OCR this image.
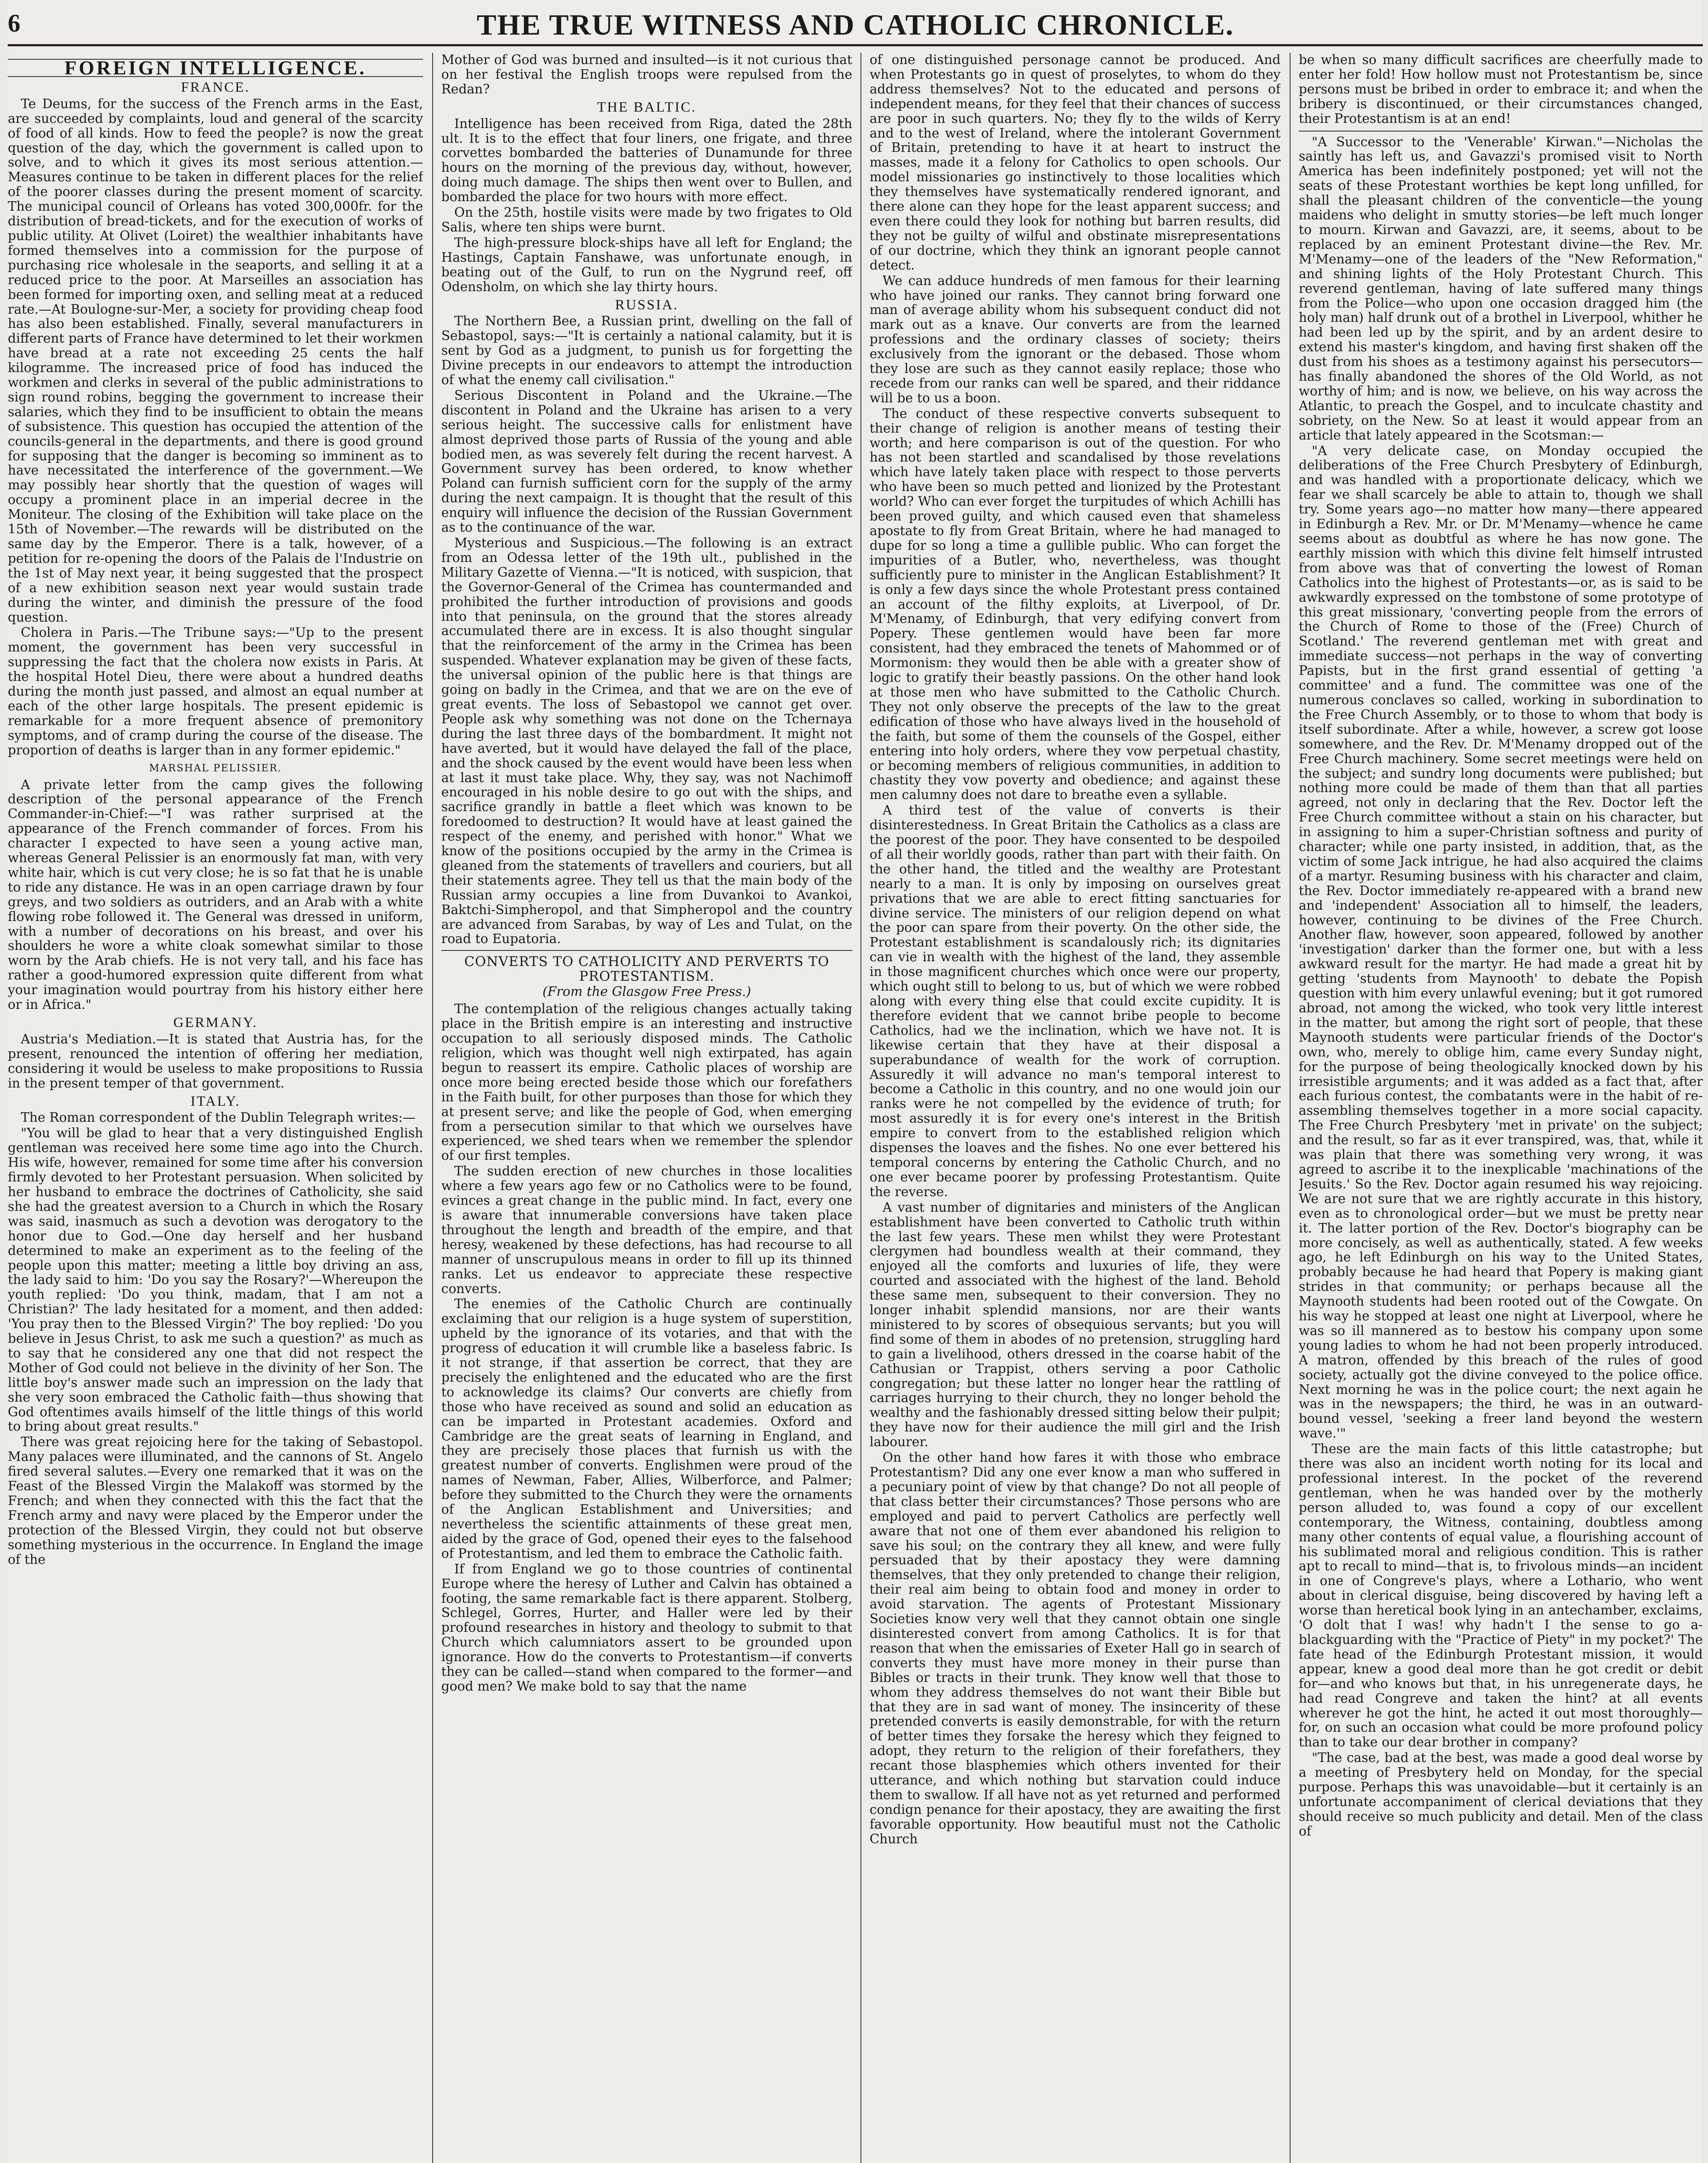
6	THE TRUE WITNESS AND CATHOLIC CHRONICLE.
FOREIGN INTELLIGENCE.
FRANCE.

Te Deums, for the success of the French arms in the East, are succeeded by complaints, loud and general of the scarcity of food of all kinds. How to feed the people? is now the great question of the day, which the government is called upon to solve, and to which it gives its most serious attention.—Measures continue to be taken in different places for the relief of the poorer classes during the present moment of scarcity. The municipal council of Orleans has voted 300,000fr. for the distribution of bread-tickets, and for the execution of works of public utility. At Olivet (Loiret) the wealthier inhabitants have formed themselves into a commission for the purpose of purchasing rice wholesale in the seaports, and selling it at a reduced price to the poor. At Marseilles an association has been formed for importing oxen, and selling meat at a reduced rate.—At Boulogne-sur-Mer, a society for providing cheap food has also been established. Finally, several manufacturers in different parts of France have determined to let their workmen have bread at a rate not exceeding 25 cents the half kilogramme. The increased price of food has induced the workmen and clerks in several of the public administrations to sign round robins, begging the government to increase their salaries, which they find to be insufficient to obtain the means of subsistence. This question has occupied the attention of the councils-general in the departments, and there is good ground for supposing that the danger is becoming so imminent as to have necessitated the interference of the government.—We may possibly hear shortly that the question of wages will occupy a prominent place in an imperial decree in the Moniteur. The closing of the Exhibition will take place on the 15th of November.—The rewards will be distributed on the same day by the Emperor. There is a talk, however, of a petition for re-opening the doors of the Palais de l'Industrie on the 1st of May next year, it being suggested that the prospect of a new exhibition season next year would sustain trade during the winter, and diminish the pressure of the food question.

Cholera in Paris.—The Tribune says:—"Up to the present moment, the government has been very successful in suppressing the fact that the cholera now exists in Paris. At the hospital Hotel Dieu, there were about a hundred deaths during the month just passed, and almost an equal number at each of the other large hospitals. The present epidemic is remarkable for a more frequent absence of premonitory symptoms, and of cramp during the course of the disease. The proportion of deaths is larger than in any former epidemic."

MARSHAL PELISSIER.

A private letter from the camp gives the following description of the personal appearance of the French Commander-in-Chief:—"I was rather surprised at the appearance of the French commander of forces. From his character I expected to have seen a young active man, whereas General Pelissier is an enormously fat man, with very white hair, which is cut very close; he is so fat that he is unable to ride any distance. He was in an open carriage drawn by four greys, and two soldiers as outriders, and an Arab with a white flowing robe followed it. The General was dressed in uniform, with a number of decorations on his breast, and over his shoulders he wore a white cloak somewhat similar to those worn by the Arab chiefs. He is not very tall, and his face has rather a good-humored expression quite different from what your imagination would pourtray from his history either here or in Africa."

GERMANY.

Austria's Mediation.—It is stated that Austria has, for the present, renounced the intention of offering her mediation, considering it would be useless to make propositions to Russia in the present temper of that government.

ITALY.

The Roman correspondent of the Dublin Telegraph writes:—

"You will be glad to hear that a very distinguished English gentleman was received here some time ago into the Church. His wife, however, remained for some time after his conversion firmly devoted to her Protestant persuasion. When solicited by her husband to embrace the doctrines of Catholicity, she said she had the greatest aversion to a Church in which the Rosary was said, inasmuch as such a devotion was derogatory to the honor due to God.—One day herself and her husband determined to make an experiment as to the feeling of the people upon this matter; meeting a little boy driving an ass, the lady said to him: 'Do you say the Rosary?'—Whereupon the youth replied: 'Do you think, madam, that I am not a Christian?' The lady hesitated for a moment, and then added: 'You pray then to the Blessed Virgin?' The boy replied: 'Do you believe in Jesus Christ, to ask me such a question?' as much as to say that he considered any one that did not respect the Mother of God could not believe in the divinity of her Son. The little boy's answer made such an impression on the lady that she very soon embraced the Catholic faith—thus showing that God oftentimes avails himself of the little things of this world to bring about great results."

There was great rejoicing here for the taking of Sebastopol. Many palaces were illuminated, and the cannons of St. Angelo fired several salutes.—Every one remarked that it was on the Feast of the Blessed Virgin the Malakoff was stormed by the French; and when they connected with this the fact that the French army and navy were placed by the Emperor under the protection of the Blessed Virgin, they could not but observe something mysterious in the occurrence. In England the image of the

Mother of God was burned and insulted—is it not curious that on her festival the English troops were repulsed from the Redan?

THE BALTIC.

Intelligence has been received from Riga, dated the 28th ult. It is to the effect that four liners, one frigate, and three corvettes bombarded the batteries of Dunamunde for three hours on the morning of the previous day, without, however, doing much damage. The ships then went over to Bullen, and bombarded the place for two hours with more effect.

On the 25th, hostile visits were made by two frigates to Old Salis, where ten ships were burnt.

The high-pressure block-ships have all left for England; the Hastings, Captain Fanshawe, was unfortunate enough, in beating out of the Gulf, to run on the Nygrund reef, off Odensholm, on which she lay thirty hours.

RUSSIA.

The Northern Bee, a Russian print, dwelling on the fall of Sebastopol, says:—"It is certainly a national calamity, but it is sent by God as a judgment, to punish us for forgetting the Divine precepts in our endeavors to attempt the introduction of what the enemy call civilisation."

Serious Discontent in Poland and the Ukraine.—The discontent in Poland and the Ukraine has arisen to a very serious height. The successive calls for enlistment have almost deprived those parts of Russia of the young and able bodied men, as was severely felt during the recent harvest. A Government survey has been ordered, to know whether Poland can furnish sufficient corn for the supply of the army during the next campaign. It is thought that the result of this enquiry will influence the decision of the Russian Government as to the continuance of the war.

Mysterious and Suspicious.—The following is an extract from an Odessa letter of the 19th ult., published in the Military Gazette of Vienna.—"It is noticed, with suspicion, that the Governor-General of the Crimea has countermanded and prohibited the further introduction of provisions and goods into that peninsula, on the ground that the stores already accumulated there are in excess. It is also thought singular that the reinforcement of the army in the Crimea has been suspended. Whatever explanation may be given of these facts, the universal opinion of the public here is that things are going on badly in the Crimea, and that we are on the eve of great events. The loss of Sebastopol we cannot get over. People ask why something was not done on the Tchernaya during the last three days of the bombardment. It might not have averted, but it would have delayed the fall of the place, and the shock caused by the event would have been less when at last it must take place. Why, they say, was not Nachimoff encouraged in his noble desire to go out with the ships, and sacrifice grandly in battle a fleet which was known to be foredoomed to destruction? It would have at least gained the respect of the enemy, and perished with honor." What we know of the positions occupied by the army in the Crimea is gleaned from the statements of travellers and couriers, but all their statements agree. They tell us that the main body of the Russian army occupies a line from Duvankoi to Avankoi, Baktchi-Simpheropol, and that Simpheropol and the country are advanced from Sarabas, by way of Les and Tulat, on the road to Eupatoria.

CONVERTS TO CATHOLICITY AND PERVERTS TO PROTESTANTISM.
(From the Glasgow Free Press.)

The contemplation of the religious changes actually taking place in the British empire is an interesting and instructive occupation to all seriously disposed minds. The Catholic religion, which was thought well nigh extirpated, has again begun to reassert its empire. Catholic places of worship are once more being erected beside those which our forefathers in the Faith built, for other purposes than those for which they at present serve; and like the people of God, when emerging from a persecution similar to that which we ourselves have experienced, we shed tears when we remember the splendor of our first temples.

The sudden erection of new churches in those localities where a few years ago few or no Catholics were to be found, evinces a great change in the public mind. In fact, every one is aware that innumerable conversions have taken place throughout the length and breadth of the empire, and that heresy, weakened by these defections, has had recourse to all manner of unscrupulous means in order to fill up its thinned ranks. Let us endeavor to appreciate these respective converts.

The enemies of the Catholic Church are continually exclaiming that our religion is a huge system of superstition, upheld by the ignorance of its votaries, and that with the progress of education it will crumble like a baseless fabric. Is it not strange, if that assertion be correct, that they are precisely the enlightened and the educated who are the first to acknowledge its claims? Our converts are chiefly from those who have received as sound and solid an education as can be imparted in Protestant academies. Oxford and Cambridge are the great seats of learning in England, and they are precisely those places that furnish us with the greatest number of converts. Englishmen were proud of the names of Newman, Faber, Allies, Wilberforce, and Palmer; before they submitted to the Church they were the ornaments of the Anglican Establishment and Universities; and nevertheless the scientific attainments of these great men, aided by the grace of God, opened their eyes to the falsehood of Protestantism, and led them to embrace the Catholic faith.

If from England we go to those countries of continental Europe where the heresy of Luther and Calvin has obtained a footing, the same remarkable fact is there apparent. Stolberg, Schlegel, Gorres, Hurter, and Haller were led by their profound researches in history and theology to submit to that Church which calumniators assert to be grounded upon ignorance. How do the converts to Protestantism—if converts they can be called—stand when compared to the former—and good men? We make bold to say that the name

of one distinguished personage cannot be produced. And when Protestants go in quest of proselytes, to whom do they address themselves? Not to the educated and persons of independent means, for they feel that their chances of success are poor in such quarters. No; they fly to the wilds of Kerry and to the west of Ireland, where the intolerant Government of Britain, pretending to have it at heart to instruct the masses, made it a felony for Catholics to open schools. Our model missionaries go instinctively to those localities which they themselves have systematically rendered ignorant, and there alone can they hope for the least apparent success; and even there could they look for nothing but barren results, did they not be guilty of wilful and obstinate misrepresentations of our doctrine, which they think an ignorant people cannot detect.

We can adduce hundreds of men famous for their learning who have joined our ranks. They cannot bring forward one man of average ability whom his subsequent conduct did not mark out as a knave. Our converts are from the learned professions and the ordinary classes of society; theirs exclusively from the ignorant or the debased. Those whom they lose are such as they cannot easily replace; those who recede from our ranks can well be spared, and their riddance will be to us a boon.

The conduct of these respective converts subsequent to their change of religion is another means of testing their worth; and here comparison is out of the question. For who has not been startled and scandalised by those revelations which have lately taken place with respect to those perverts who have been so much petted and lionized by the Protestant world? Who can ever forget the turpitudes of which Achilli has been proved guilty, and which caused even that shameless apostate to fly from Great Britain, where he had managed to dupe for so long a time a gullible public. Who can forget the impurities of a Butler, who, nevertheless, was thought sufficiently pure to minister in the Anglican Establishment? It is only a few days since the whole Protestant press contained an account of the filthy exploits, at Liverpool, of Dr. M'Menamy, of Edinburgh, that very edifying convert from Popery. These gentlemen would have been far more consistent, had they embraced the tenets of Mahommed or of Mormonism: they would then be able with a greater show of logic to gratify their beastly passions. On the other hand look at those men who have submitted to the Catholic Church. They not only observe the precepts of the law to the great edification of those who have always lived in the household of the faith, but some of them the counsels of the Gospel, either entering into holy orders, where they vow perpetual chastity, or becoming members of religious communities, in addition to chastity they vow poverty and obedience; and against these men calumny does not dare to breathe even a syllable.

A third test of the value of converts is their disinterestedness. In Great Britain the Catholics as a class are the poorest of the poor. They have consented to be despoiled of all their worldly goods, rather than part with their faith. On the other hand, the titled and the wealthy are Protestant nearly to a man. It is only by imposing on ourselves great privations that we are able to erect fitting sanctuaries for divine service. The ministers of our religion depend on what the poor can spare from their poverty. On the other side, the Protestant establishment is scandalously rich; its dignitaries can vie in wealth with the highest of the land, they assemble in those magnificent churches which once were our property, which ought still to belong to us, but of which we were robbed along with every thing else that could excite cupidity. It is therefore evident that we cannot bribe people to become Catholics, had we the inclination, which we have not. It is likewise certain that they have at their disposal a superabundance of wealth for the work of corruption. Assuredly it will advance no man's temporal interest to become a Catholic in this country, and no one would join our ranks were he not compelled by the evidence of truth; for most assuredly it is for every one's interest in the British empire to convert from to the established religion which dispenses the loaves and the fishes. No one ever bettered his temporal concerns by entering the Catholic Church, and no one ever became poorer by professing Protestantism. Quite the reverse.

A vast number of dignitaries and ministers of the Anglican establishment have been converted to Catholic truth within the last few years. These men whilst they were Protestant clergymen had boundless wealth at their command, they enjoyed all the comforts and luxuries of life, they were courted and associated with the highest of the land. Behold these same men, subsequent to their conversion. They no longer inhabit splendid mansions, nor are their wants ministered to by scores of obsequious servants; but you will find some of them in abodes of no pretension, struggling hard to gain a livelihood, others dressed in the coarse habit of the Cathusian or Trappist, others serving a poor Catholic congregation; but these latter no longer hear the rattling of carriages hurrying to their church, they no longer behold the wealthy and the fashionably dressed sitting below their pulpit; they have now for their audience the mill girl and the Irish labourer.

On the other hand how fares it with those who embrace Protestantism? Did any one ever know a man who suffered in a pecuniary point of view by that change? Do not all people of that class better their circumstances? Those persons who are employed and paid to pervert Catholics are perfectly well aware that not one of them ever abandoned his religion to save his soul; on the contrary they all knew, and were fully persuaded that by their apostacy they were damning themselves, that they only pretended to change their religion, their real aim being to obtain food and money in order to avoid starvation. The agents of Protestant Missionary Societies know very well that they cannot obtain one single disinterested convert from among Catholics. It is for that reason that when the emissaries of Exeter Hall go in search of converts they must have more money in their purse than Bibles or tracts in their trunk. They know well that those to whom they address themselves do not want their Bible but that they are in sad want of money. The insincerity of these pretended converts is easily demonstrable, for with the return of better times they forsake the heresy which they feigned to adopt, they return to the religion of their forefathers, they recant those blasphemies which others invented for their utterance, and which nothing but starvation could induce them to swallow. If all have not as yet returned and performed condign penance for their apostacy, they are awaiting the first favorable opportunity. How beautiful must not the Catholic Church

be when so many difficult sacrifices are cheerfully made to enter her fold! How hollow must not Protestantism be, since persons must be bribed in order to embrace it; and when the bribery is discontinued, or their circumstances changed, their Protestantism is at an end!

"A Successor to the 'Venerable' Kirwan."—Nicholas the saintly has left us, and Gavazzi's promised visit to North America has been indefinitely postponed; yet will not the seats of these Protestant worthies be kept long unfilled, for shall the pleasant children of the conventicle—the young maidens who delight in smutty stories—be left much longer to mourn. Kirwan and Gavazzi, are, it seems, about to be replaced by an eminent Protestant divine—the Rev. Mr. M'Menamy—one of the leaders of the "New Reformation," and shining lights of the Holy Protestant Church. This reverend gentleman, having of late suffered many things from the Police—who upon one occasion dragged him (the holy man) half drunk out of a brothel in Liverpool, whither he had been led up by the spirit, and by an ardent desire to extend his master's kingdom, and having first shaken off the dust from his shoes as a testimony against his persecutors—has finally abandoned the shores of the Old World, as not worthy of him; and is now, we believe, on his way across the Atlantic, to preach the Gospel, and to inculcate chastity and sobriety, on the New. So at least it would appear from an article that lately appeared in the Scotsman:—

"A very delicate case, on Monday occupied the deliberations of the Free Church Presbytery of Edinburgh, and was handled with a proportionate delicacy, which we fear we shall scarcely be able to attain to, though we shall try. Some years ago—no matter how many—there appeared in Edinburgh a Rev. Mr. or Dr. M'Menamy—whence he came seems about as doubtful as where he has now gone. The earthly mission with which this divine felt himself intrusted from above was that of converting the lowest of Roman Catholics into the highest of Protestants—or, as is said to be awkwardly expressed on the tombstone of some prototype of this great missionary, 'converting people from the errors of the Church of Rome to those of the (Free) Church of Scotland.' The reverend gentleman met with great and immediate success—not perhaps in the way of converting Papists, but in the first grand essential of getting 'a committee' and a fund. The committee was one of the numerous conclaves so called, working in subordination to the Free Church Assembly, or to those to whom that body is itself subordinate. After a while, however, a screw got loose somewhere, and the Rev. Dr. M'Menamy dropped out of the Free Church machinery. Some secret meetings were held on the subject; and sundry long documents were published; but nothing more could be made of them than that all parties agreed, not only in declaring that the Rev. Doctor left the Free Church committee without a stain on his character, but in assigning to him a super-Christian softness and purity of character; while one party insisted, in addition, that, as the victim of some Jack intrigue, he had also acquired the claims of a martyr. Resuming business with his character and claim, the Rev. Doctor immediately re-appeared with a brand new and 'independent' Association all to himself, the leaders, however, continuing to be divines of the Free Church. Another flaw, however, soon appeared, followed by another 'investigation' darker than the former one, but with a less awkward result for the martyr. He had made a great hit by getting 'students from Maynooth' to debate the Popish question with him every unlawful evening; but it got rumored abroad, not among the wicked, who took very little interest in the matter, but among the right sort of people, that these Maynooth students were particular friends of the Doctor's own, who, merely to oblige him, came every Sunday night, for the purpose of being theologically knocked down by his irresistible arguments; and it was added as a fact that, after each furious contest, the combatants were in the habit of re-assembling themselves together in a more social capacity. The Free Church Presbytery 'met in private' on the subject; and the result, so far as it ever transpired, was, that, while it was plain that there was something very wrong, it was agreed to ascribe it to the inexplicable 'machinations of the Jesuits.' So the Rev. Doctor again resumed his way rejoicing. We are not sure that we are rightly accurate in this history, even as to chronological order—but we must be pretty near it. The latter portion of the Rev. Doctor's biography can be more concisely, as well as authentically, stated. A few weeks ago, he left Edinburgh on his way to the United States, probably because he had heard that Popery is making giant strides in that community; or perhaps because all the Maynooth students had been rooted out of the Cowgate. On his way he stopped at least one night at Liverpool, where he was so ill mannered as to bestow his company upon some young ladies to whom he had not been properly introduced. A matron, offended by this breach of the rules of good society, actually got the divine conveyed to the police office. Next morning he was in the police court; the next again he was in the newspapers; the third, he was in an outward-bound vessel, 'seeking a freer land beyond the western wave.'"

These are the main facts of this little catastrophe; but there was also an incident worth noting for its local and professional interest. In the pocket of the reverend gentleman, when he was handed over by the motherly person alluded to, was found a copy of our excellent contemporary, the Witness, containing, doubtless among many other contents of equal value, a flourishing account of his sublimated moral and religious condition. This is rather apt to recall to mind—that is, to frivolous minds—an incident in one of Congreve's plays, where a Lothario, who went about in clerical disguise, being discovered by having left a worse than heretical book lying in an antechamber, exclaims, 'O dolt that I was! why hadn't I the sense to go a-blackguarding with the "Practice of Piety" in my pocket?' The fate head of the Edinburgh Protestant mission, it would appear, knew a good deal more than he got credit or debit for—and who knows but that, in his unregenerate days, he had read Congreve and taken the hint? at all events wherever he got the hint, he acted it out most thoroughly—for, on such an occasion what could be more profound policy than to take our dear brother in company?

"The case, bad at the best, was made a good deal worse by a meeting of Presbytery held on Monday, for the special purpose. Perhaps this was unavoidable—but it certainly is an unfortunate accompaniment of clerical deviations that they should receive so much publicity and detail. Men of the class of
